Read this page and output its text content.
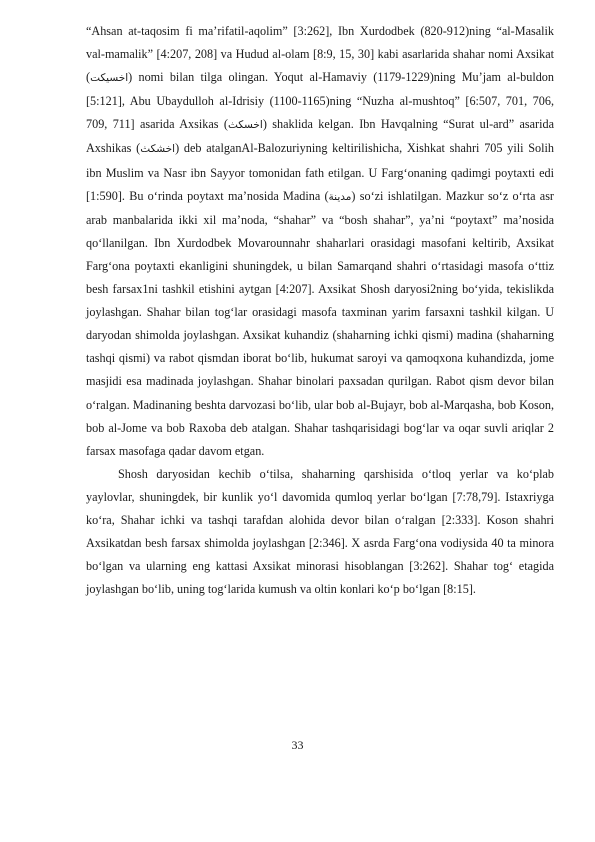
“Ahsan at-taqosim fi ma’rifatil-aqolim” [3:262], Ibn Xurdodbek (820-912)ning “al-Masalik val-mamalik” [4:207, 208] va Hudud al-olam [8:9, 15, 30] kabi asarlarida shahar nomi Axsikat (اخسيكت) nomi bilan tilga olingan. Yoqut al-Hamaviy (1179-1229)ning Mu’jam al-buldon [5:121], Abu Ubaydulloh al-Idrisiy (1100-1165)ning “Nuzha al-mushtoq” [6:507, 701, 706, 709, 711] asarida Axsikas (اخسكث) shaklida kelgan. Ibn Havqalning “Surat ul-ard” asarida Axshikas (اخشكث) deb atalganAl-Balozuriyning keltirilishicha, Xishkat shahri 705 yili Solih ibn Muslim va Nasr ibn Sayyor tomonidan fath etilgan. U Farg‘onaning qadimgi poytaxti edi [1:590]. Bu o‘rinda poytaxt ma’nosida Madina (مدينة) so‘zi ishlatilgan. Mazkur so‘z o‘rta asr arab manbalarida ikki xil ma’noda, “shahar” va “bosh shahar”, ya’ni “poytaxt” ma’nosida qo‘llanilgan. Ibn Xurdodbek Movarounnahr shaharlari orasidagi masofani keltirib, Axsikat Farg‘ona poytaxti ekanligini shuningdek, u bilan Samarqand shahri o‘rtasidagi masofa o‘ttiz besh farsax1ni tashkil etishini aytgan [4:207]. Axsikat Shosh daryosi2ning bo‘yida, tekislikda joylashgan. Shahar bilan tog‘lar orasidagi masofa taxminan yarim farsaxni tashkil kilgan. U daryodan shimolda joylashgan. Axsikat kuhandiz (shaharning ichki qismi) madina (shaharning tashqi qismi) va rabot qismdan iborat bo‘lib, hukumat saroyi va qamoqxona kuhandizda, jome masjidi esa madinada joylashgan. Shahar binolari paxsadan qurilgan. Rabot qism devor bilan o‘ralgan. Madinaning beshta darvozasi bo‘lib, ular bob al-Bujayr, bob al-Marqasha, bob Koson, bob al-Jome va bob Raxoba deb atalgan. Shahar tashqarisidagi bog‘lar va oqar suvli ariqlar 2 farsax masofaga qadar davom etgan.

Shosh daryosidan kechib o‘tilsa, shaharning qarshisida o‘tloq yerlar va ko‘plab yaylovlar, shuningdek, bir kunlik yo‘l davomida qumloq yerlar bo‘lgan [7:78,79]. Istaxriyga ko‘ra, Shahar ichki va tashqi tarafdan alohida devor bilan o‘ralgan [2:333]. Koson shahri Axsikatdan besh farsax shimolda joylashgan [2:346]. X asrda Farg‘ona vodiysida 40 ta minora bo‘lgan va ularning eng kattasi Axsikat minorasi hisoblangan [3:262]. Shahar tog‘ etagida joylashgan bo‘lib, uning tog‘larida kumush va oltin konlari ko‘p bo‘lgan [8:15].

33
